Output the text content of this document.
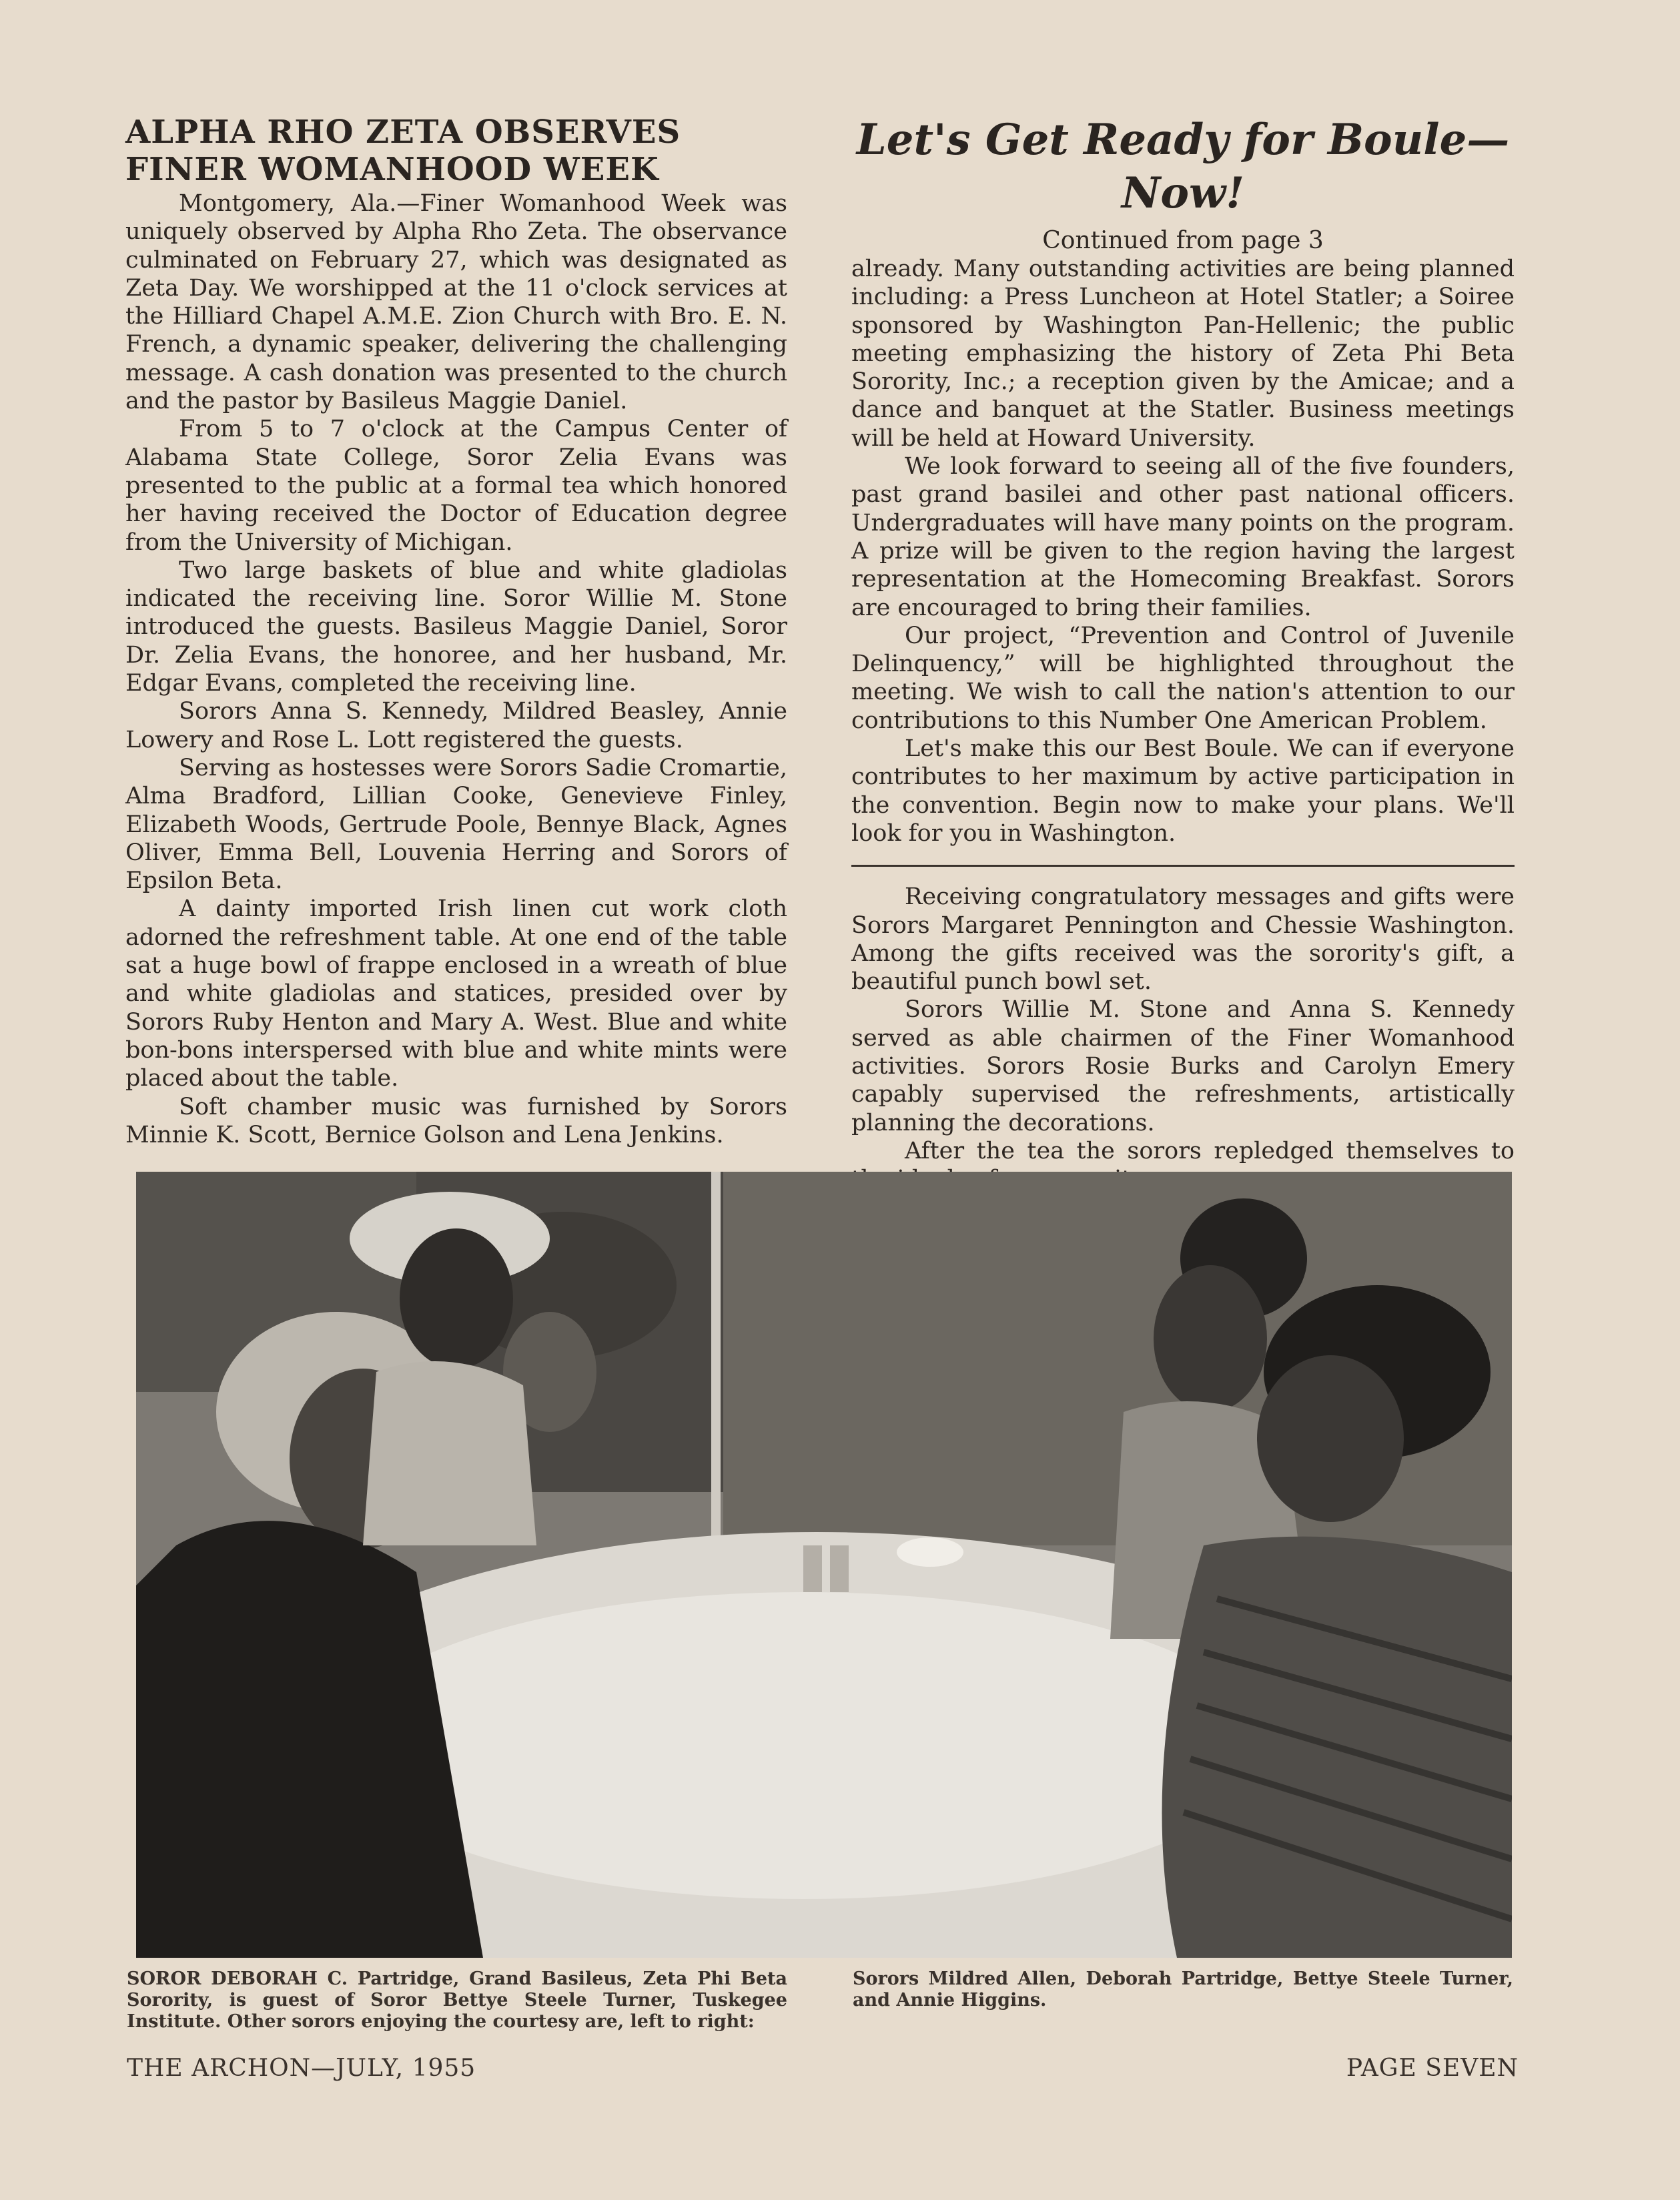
ALPHA RHO ZETA OBSERVES
FINER WOMANHOOD WEEK

Montgomery, Ala.—Finer Womanhood Week was uniquely observed by Alpha Rho Zeta. The observance culminated on February 27, which was designated as Zeta Day. We worshipped at the 11 o'clock services at the Hilliard Chapel A.M.E. Zion Church with Bro. E. N. French, a dynamic speaker, delivering the challenging message. A cash donation was presented to the church and the pastor by Basileus Maggie Daniel.

From 5 to 7 o'clock at the Campus Center of Alabama State College, Soror Zelia Evans was presented to the public at a formal tea which honored her having received the Doctor of Education degree from the University of Michigan.

Two large baskets of blue and white gladiolas indicated the receiving line. Soror Willie M. Stone introduced the guests. Basileus Maggie Daniel, Soror Dr. Zelia Evans, the honoree, and her husband, Mr. Edgar Evans, completed the receiving line.

Sorors Anna S. Kennedy, Mildred Beasley, Annie Lowery and Rose L. Lott registered the guests.

Serving as hostesses were Sorors Sadie Cromartie, Alma Bradford, Lillian Cooke, Genevieve Finley, Elizabeth Woods, Gertrude Poole, Bennye Black, Agnes Oliver, Emma Bell, Louvenia Herring and Sorors of Epsilon Beta.

A dainty imported Irish linen cut work cloth adorned the refreshment table. At one end of the table sat a huge bowl of frappe enclosed in a wreath of blue and white gladiolas and statices, presided over by Sorors Ruby Henton and Mary A. West. Blue and white bon-bons interspersed with blue and white mints were placed about the table.

Soft chamber music was furnished by Sorors Minnie K. Scott, Bernice Golson and Lena Jenkins.

Let's Get Ready for Boule—Now!
Continued from page 3

already. Many outstanding activities are being planned including: a Press Luncheon at Hotel Statler; a Soiree sponsored by Washington Pan-Hellenic; the public meeting emphasizing the history of Zeta Phi Beta Sorority, Inc.; a reception given by the Amicae; and a dance and banquet at the Statler. Business meetings will be held at Howard University.

We look forward to seeing all of the five founders, past grand basilei and other past national officers. Undergraduates will have many points on the program. A prize will be given to the region having the largest representation at the Homecoming Breakfast. Sorors are encouraged to bring their families.

Our project, “Prevention and Control of Juvenile Delinquency,” will be highlighted throughout the meeting. We wish to call the nation's attention to our contributions to this Number One American Problem.

Let's make this our Best Boule. We can if everyone contributes to her maximum by active participation in the convention. Begin now to make your plans. We'll look for you in Washington.

Receiving congratulatory messages and gifts were Sorors Margaret Pennington and Chessie Washington. Among the gifts received was the sorority's gift, a beautiful punch bowl set.

Sorors Willie M. Stone and Anna S. Kennedy served as able chairmen of the Finer Womanhood activities. Sorors Rosie Burks and Carolyn Emery capably supervised the refreshments, artistically planning the decorations.

After the tea the sorors repledged themselves to

SOROR DEBORAH C. Partridge, Grand Basileus, Zeta Phi Beta Sorority, is guest of Soror Bettye Steele Turner, Tuskegee Institute. Other sorors enjoying the courtesy are, left to right:
Sorors Mildred Allen, Deborah Partridge, Bettye Steele Turner, and Annie Higgins.
THE ARCHON—JULY, 1955	PAGE SEVEN
